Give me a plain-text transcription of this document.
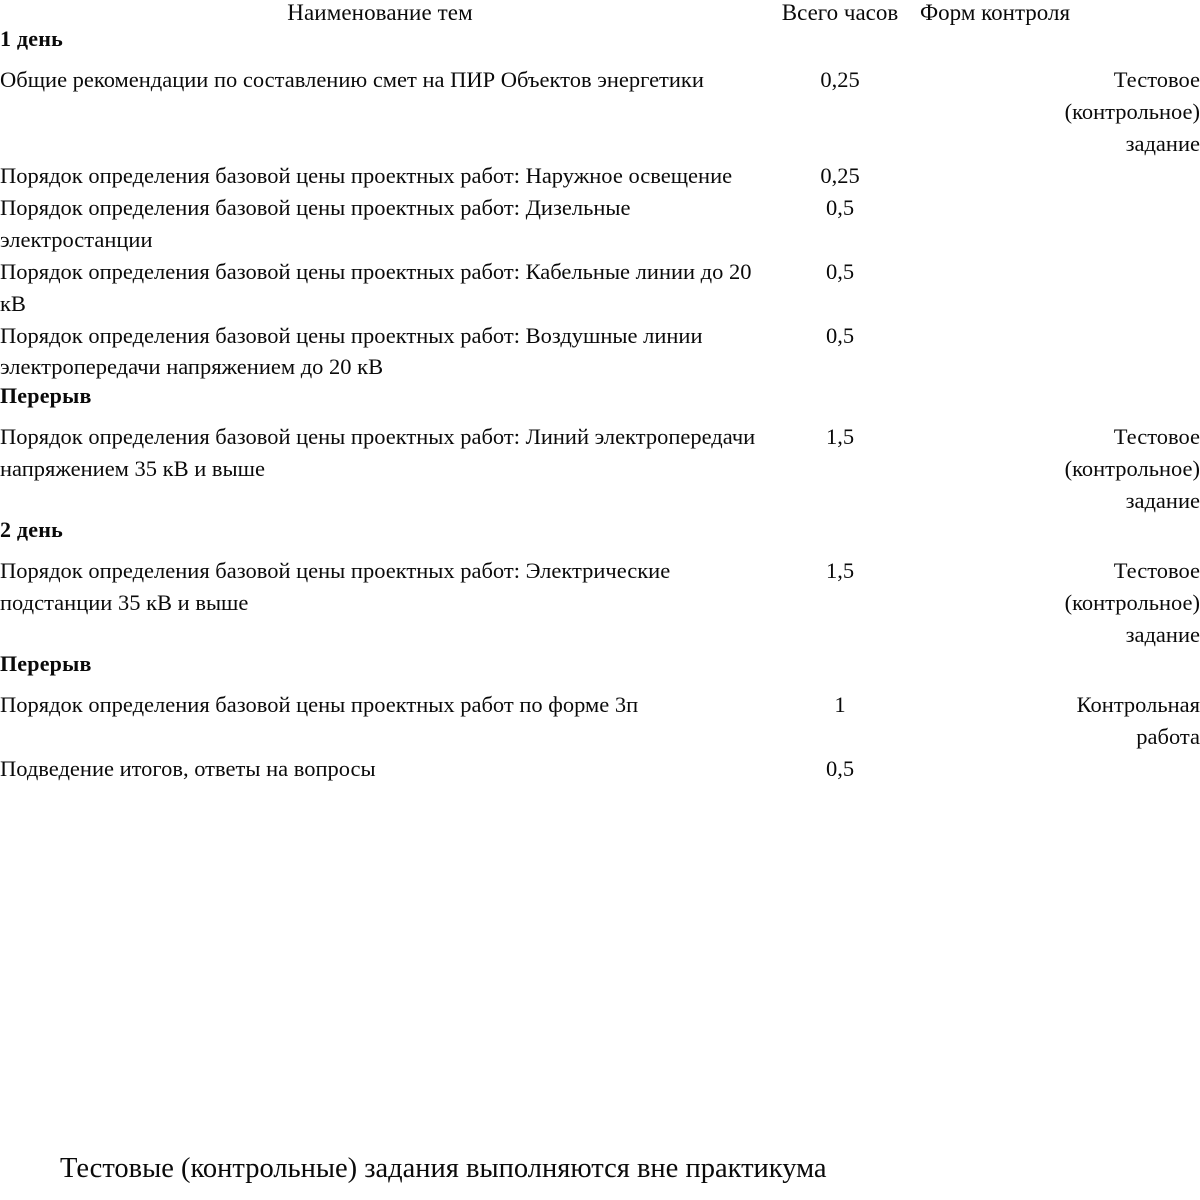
Наименование тем	Всего часов	Форм контроля
1 день		
Общие рекомендации по составлению смет на ПИР Объектов энергетики	0,25	Тестовое
(контрольное)
задание

Порядок определения базовой цены проектных работ: Наружное освещение	0,25	
Порядок определения базовой цены проектных работ: Дизельные электростанции	0,5	
Порядок определения базовой цены проектных работ: Кабельные линии до 20 кВ	0,5	
Порядок определения базовой цены проектных работ: Воздушные линии электропередачи напряжением до 20 кВ	0,5	
Перерыв		
Порядок определения базовой цены проектных работ: Линий электропередачи напряжением 35 кВ и выше	1,5	Тестовое
(контрольное)
задание

2 день		
Порядок определения базовой цены проектных работ: Электрические подстанции 35 кВ и выше	1,5	Тестовое
(контрольное)
задание

Перерыв		
Порядок определения базовой цены проектных работ по форме 3п	1	Контрольная
работа

Подведение итогов, ответы на вопросы	0,5	
Тестовые (контрольные) задания выполняются вне практикума
